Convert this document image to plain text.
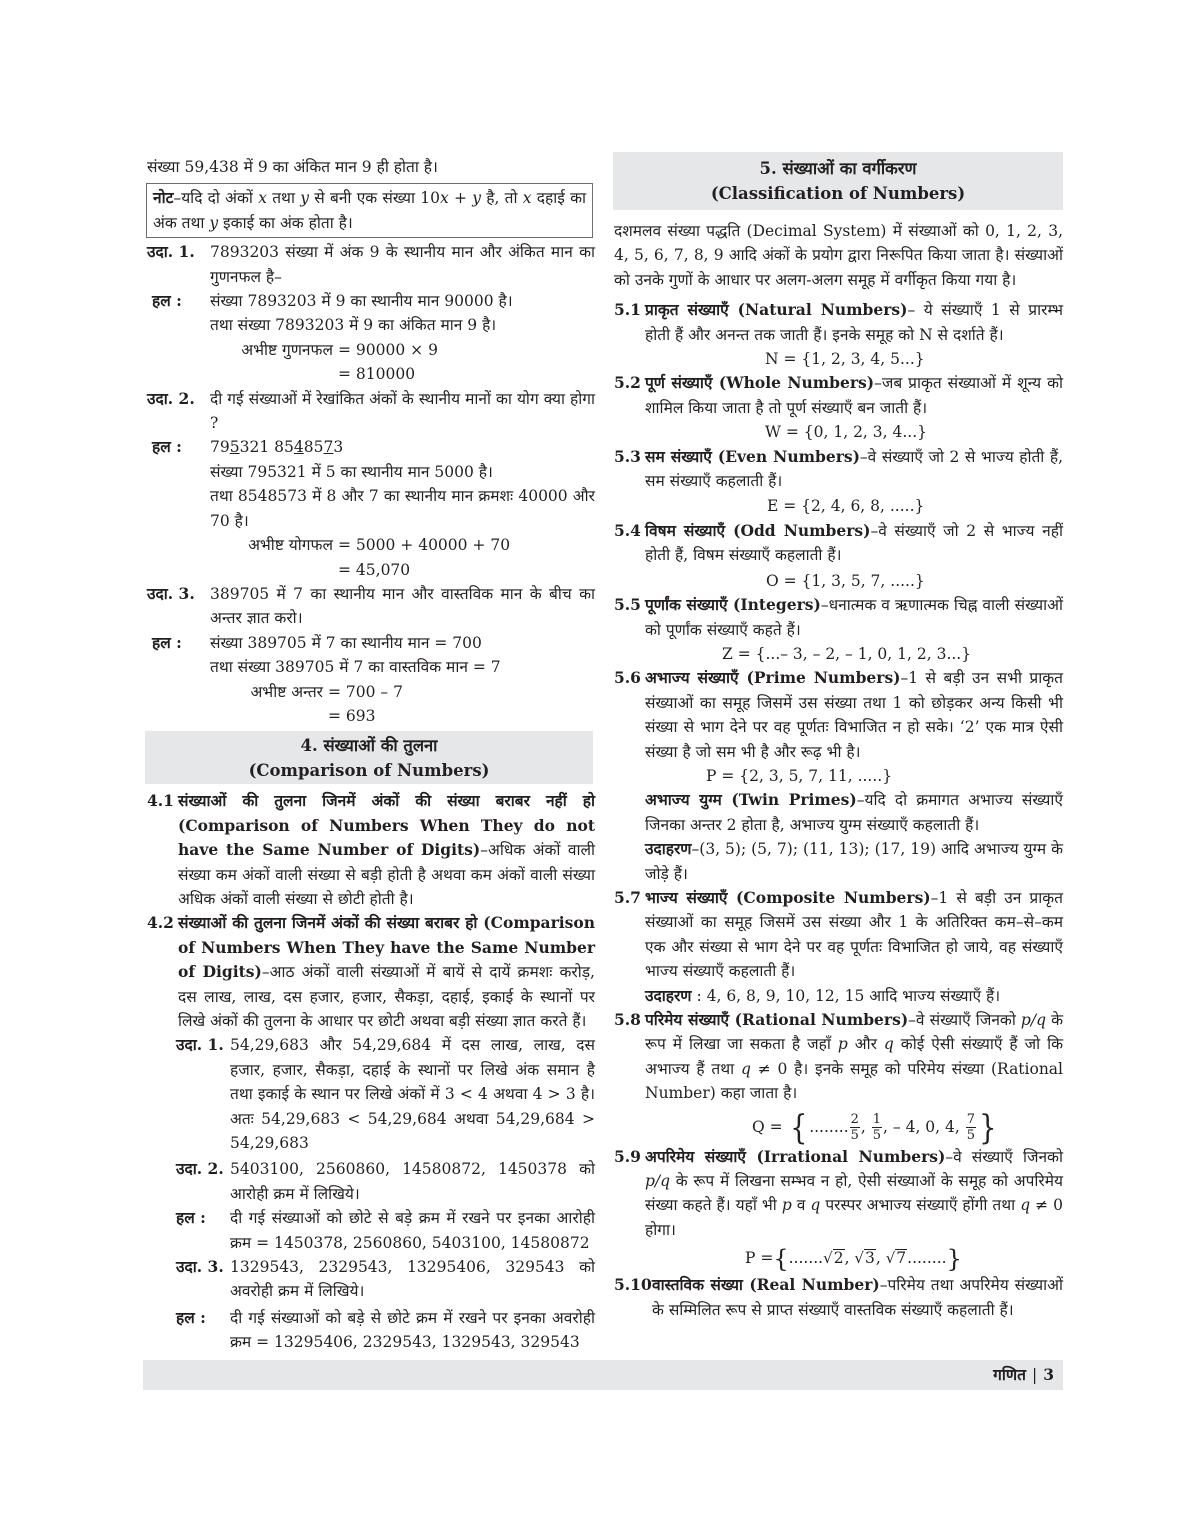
संख्या 59,438 में 9 का अंकित मान 9 ही होता है।
नोट–यदि दो अंकों x तथा y से बनी एक संख्या 10x + y है, तो x दहाई का अंक तथा y इकाई का अंक होता है।
उदा. 1. 7893203 संख्या में अंक 9 के स्थानीय मान और अंकित मान का गुणनफल है–
हल :	संख्या 7893203 में 9 का स्थानीय मान 90000 है।
तथा संख्या 7893203 में 9 का अंकित मान 9 है।
अभीष्ट गुणनफल = 90000 × 9
= 810000
उदा. 2. दी गई संख्याओं में रेखांकित अंकों के स्थानीय मानों का योग क्या होगा ?
हल :	795321 8548573
संख्या 795321 में 5 का स्थानीय मान 5000 है।
तथा 8548573 में 8 और 7 का स्थानीय मान क्रमशः 40000 और 70 है।
अभीष्ट योगफल = 5000 + 40000 + 70
= 45,070
उदा. 3. 389705 में 7 का स्थानीय मान और वास्तविक मान के बीच का अन्तर ज्ञात करो।
हल :	संख्या 389705 में 7 का स्थानीय मान = 700
तथा संख्या 389705 में 7 का वास्तविक मान = 7
अभीष्ट अन्तर = 700 – 7
= 693
4. संख्याओं की तुलना
(Comparison of Numbers)
4.1 संख्याओं की तुलना जिनमें अंकों की संख्या बराबर नहीं हो (Comparison of Numbers When They do not have the Same Number of Digits)–अधिक अंकों वाली संख्या कम अंकों वाली संख्या से बड़ी होती है अथवा कम अंकों वाली संख्या अधिक अंकों वाली संख्या से छोटी होती है।
4.2 संख्याओं की तुलना जिनमें अंकों की संख्या बराबर हो (Comparison of Numbers When They have the Same Number of Digits)–आठ अंकों वाली संख्याओं में बायें से दायें क्रमशः करोड़, दस लाख, लाख, दस हजार, हजार, सैकड़ा, दहाई, इकाई के स्थानों पर लिखे अंकों की तुलना के आधार पर छोटी अथवा बड़ी संख्या ज्ञात करते हैं।
उदा. 1. 54,29,683 और 54,29,684 में दस लाख, लाख, दस हजार, हजार, सैकड़ा, दहाई के स्थानों पर लिखे अंक समान है तथा इकाई के स्थान पर लिखे अंकों में 3 < 4 अथवा 4 > 3 है। अतः 54,29,683 < 54,29,684 अथवा 54,29,684 > 54,29,683
उदा. 2. 5403100, 2560860, 14580872, 1450378 को आरोही क्रम में लिखिये।
हल :	दी गई संख्याओं को छोटे से बड़े क्रम में रखने पर इनका आरोही क्रम = 1450378, 2560860, 5403100, 14580872
उदा. 3. 1329543, 2329543, 13295406, 329543 को अवरोही क्रम में लिखिये।
हल :	दी गई संख्याओं को बड़े से छोटे क्रम में रखने पर इनका अवरोही क्रम = 13295406, 2329543, 1329543, 329543
5. संख्याओं का वर्गीकरण
(Classification of Numbers)
दशमलव संख्या पद्धति (Decimal System) में संख्याओं को 0, 1, 2, 3, 4, 5, 6, 7, 8, 9 आदि अंकों के प्रयोग द्वारा निरूपित किया जाता है। संख्याओं को उनके गुणों के आधार पर अलग-अलग समूह में वर्गीकृत किया गया है।
5.1 प्राकृत संख्याएँ (Natural Numbers)– ये संख्याएँ 1 से प्रारम्भ होती हैं और अनन्त तक जाती हैं। इनके समूह को N से दर्शाते हैं।
N = {1, 2, 3, 4, 5...}
5.2 पूर्ण संख्याएँ (Whole Numbers)–जब प्राकृत संख्याओं में शून्य को शामिल किया जाता है तो पूर्ण संख्याएँ बन जाती हैं।
W = {0, 1, 2, 3, 4...}
5.3 सम संख्याएँ (Even Numbers)–वे संख्याएँ जो 2 से भाज्य होती हैं, सम संख्याएँ कहलाती हैं।
E = {2, 4, 6, 8, .....}
5.4 विषम संख्याएँ (Odd Numbers)–वे संख्याएँ जो 2 से भाज्य नहीं होती हैं, विषम संख्याएँ कहलाती हैं।
O = {1, 3, 5, 7, .....}
5.5 पूर्णांक संख्याएँ (Integers)–धनात्मक व ऋणात्मक चिह्न वाली संख्याओं को पूर्णांक संख्याएँ कहते हैं।
Z = {...– 3, – 2, – 1, 0, 1, 2, 3...}
5.6 अभाज्य संख्याएँ (Prime Numbers)–1 से बड़ी उन सभी प्राकृत संख्याओं का समूह जिसमें उस संख्या तथा 1 को छोड़कर अन्य किसी भी संख्या से भाग देने पर वह पूर्णतः विभाजित न हो सके। ‘2’ एक मात्र ऐसी संख्या है जो सम भी है और रूढ़ भी है।
P = {2, 3, 5, 7, 11, .....}
अभाज्य युग्म (Twin Primes)–यदि दो क्रमागत अभाज्य संख्याएँ जिनका अन्तर 2 होता है, अभाज्य युग्म संख्याएँ कहलाती हैं।
उदाहरण–(3, 5); (5, 7); (11, 13); (17, 19) आदि अभाज्य युग्म के जोड़े हैं।
5.7 भाज्य संख्याएँ (Composite Numbers)–1 से बड़ी उन प्राकृत संख्याओं का समूह जिसमें उस संख्या और 1 के अतिरिक्त कम–से–कम एक और संख्या से भाग देने पर वह पूर्णतः विभाजित हो जाये, वह संख्याएँ भाज्य संख्याएँ कहलाती हैं।
उदाहरण : 4, 6, 8, 9, 10, 12, 15 आदि भाज्य संख्याएँ हैं।
5.8 परिमेय संख्याएँ (Rational Numbers)–वे संख्याएँ जिनको p/q के रूप में लिखा जा सकता है जहाँ p और q कोई ऐसी संख्याएँ हैं जो कि अभाज्य हैं तथा q ≠ 0 है। इनके समूह को परिमेय संख्या (Rational Number) कहा जाता है।
Q = { ........ $\frac{2}{5}$ , $\frac{1}{5}$ , – 4, 0, 4, $\frac{7}{5}$ }
5.9 अपरिमेय संख्याएँ (Irrational Numbers)–वे संख्याएँ जिनको p/q के रूप में लिखना सम्भव न हो, ऐसी संख्याओं के समूह को अपरिमेय संख्या कहते हैं। यहाँ भी p व q परस्पर अभाज्य संख्याएँ होंगी तथा q ≠ 0 होगा।
P ={.......√2, √3, √7........}
5.10 वास्तविक संख्या (Real Number)–परिमेय तथा अपरिमेय संख्याओं के सम्मिलित रूप से प्राप्त संख्याएँ वास्तविक संख्याएँ कहलाती हैं।
गणित | 3
